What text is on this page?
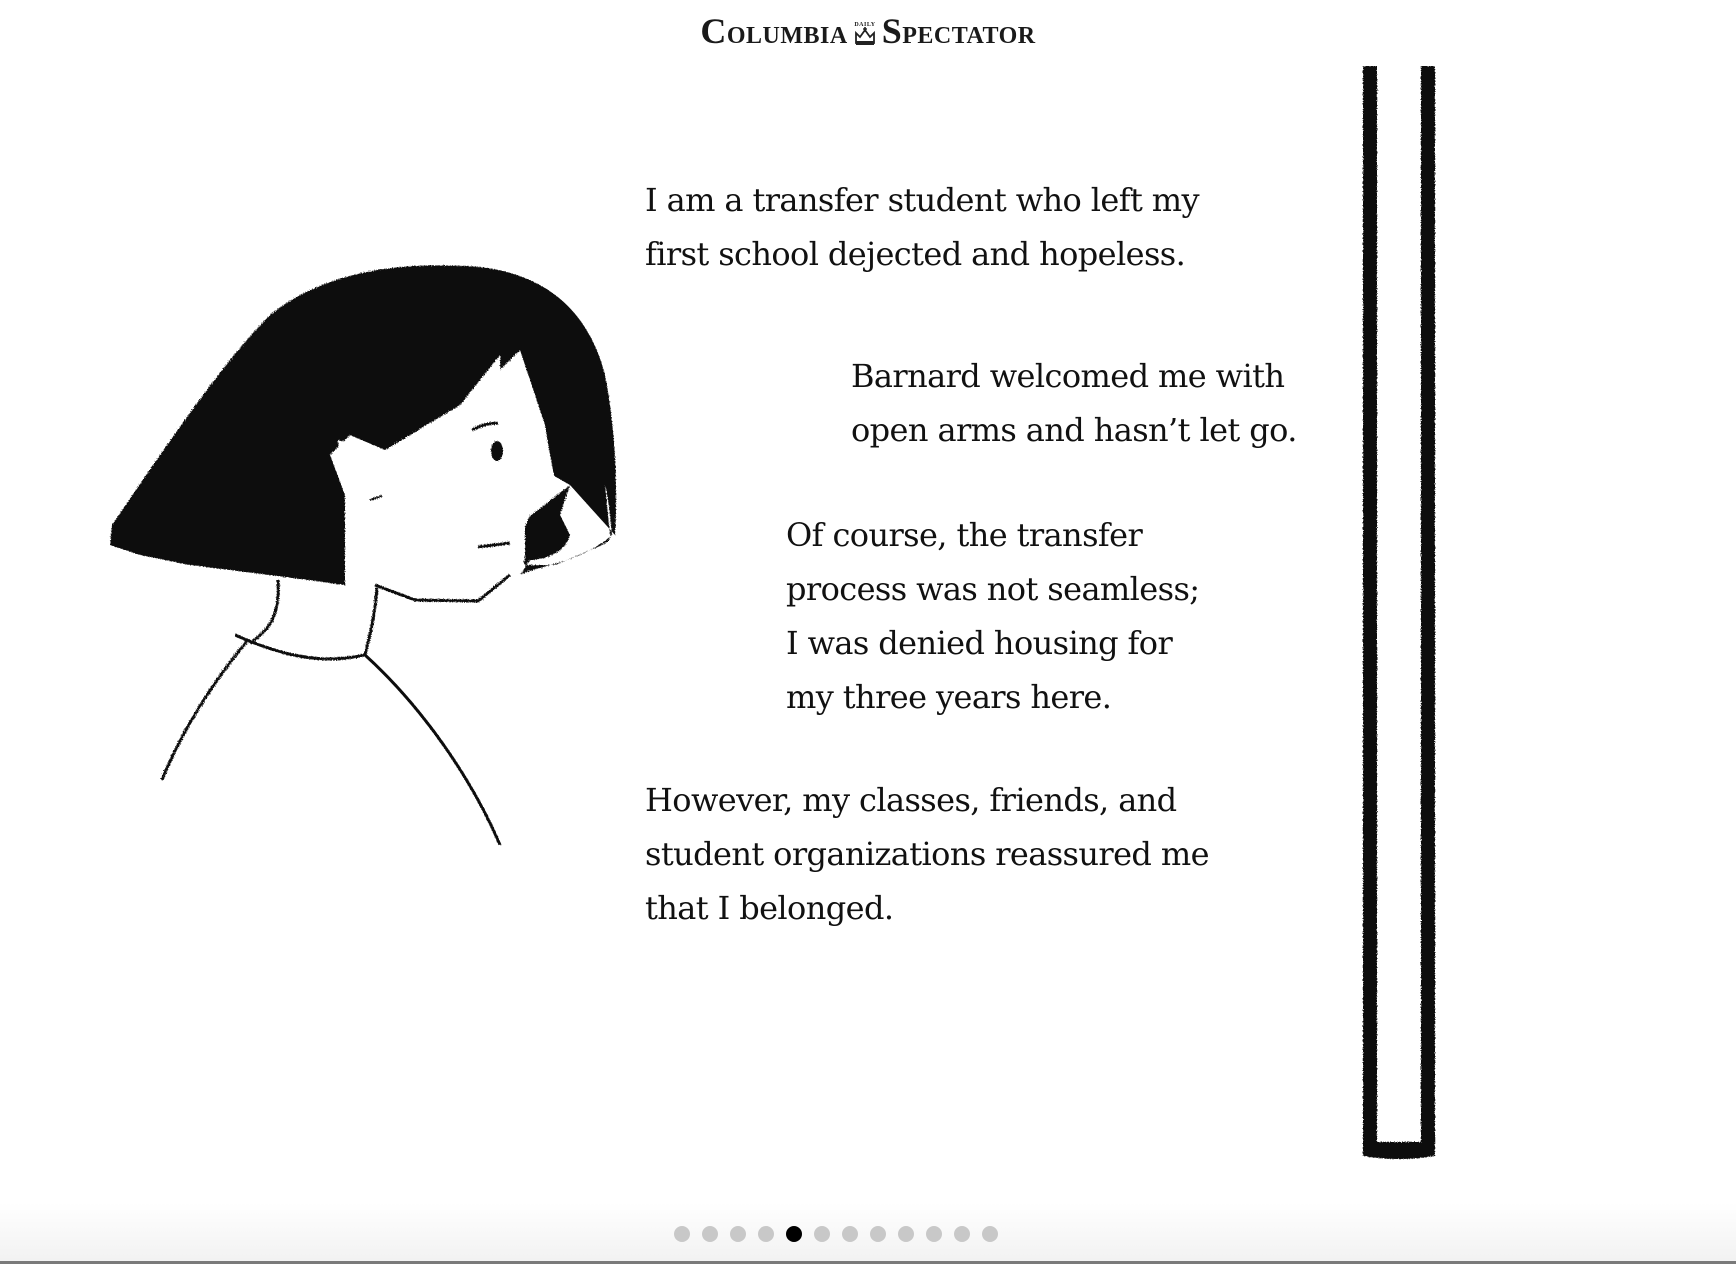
COLUMBIA DAILY SPECTATOR
I am a transfer student who left my
first school dejected and hopeless.
Barnard welcomed me with
open arms and hasn’t let go.
Of course, the transfer
process was not seamless;
I was denied housing for
my three years here.
However, my classes, friends, and
student organizations reassured me
that I belonged.
